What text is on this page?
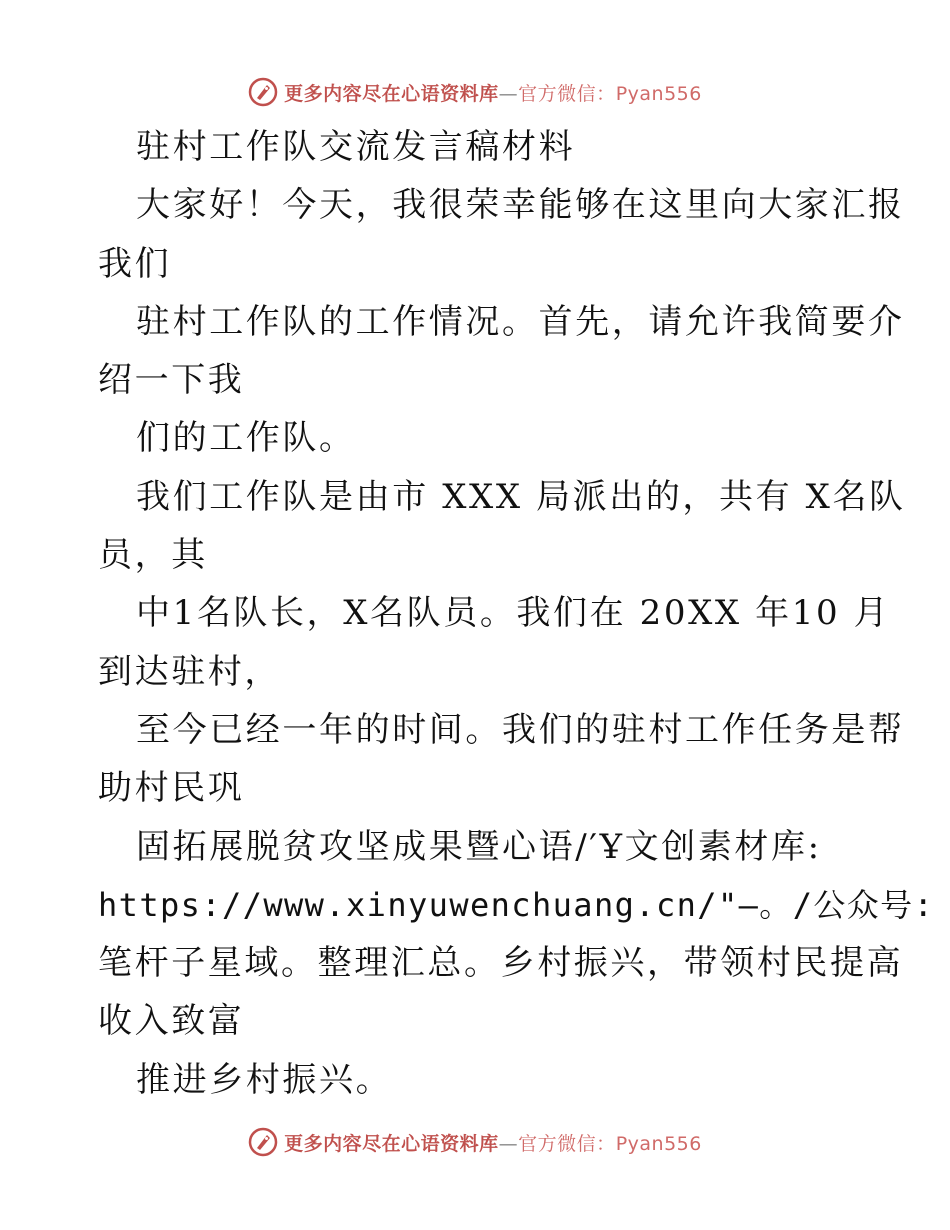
更多内容尽在心语资料库—官方微信：Pyan556
驻村工作队交流发言稿材料
大家好！今天，我很荣幸能够在这里向大家汇报
我们
驻村工作队的工作情况。首先，请允许我简要介
绍一下我
们的工作队。
我们工作队是由市 XXX 局派出的，共有 X名队
员，其
中1名队长，X名队员。我们在 20XX 年10 月
到达驻村，
至今已经一年的时间。我们的驻村工作任务是帮
助村民巩
固拓展脱贫攻坚成果暨心语/′Ұ文创素材库:
https://www.xinyuwenchuang.cn/"—。/公众号:
笔杆子星域。整理汇总。乡村振兴，带领村民提高
收入致富
推进乡村振兴。
更多内容尽在心语资料库—官方微信：Pyan556
